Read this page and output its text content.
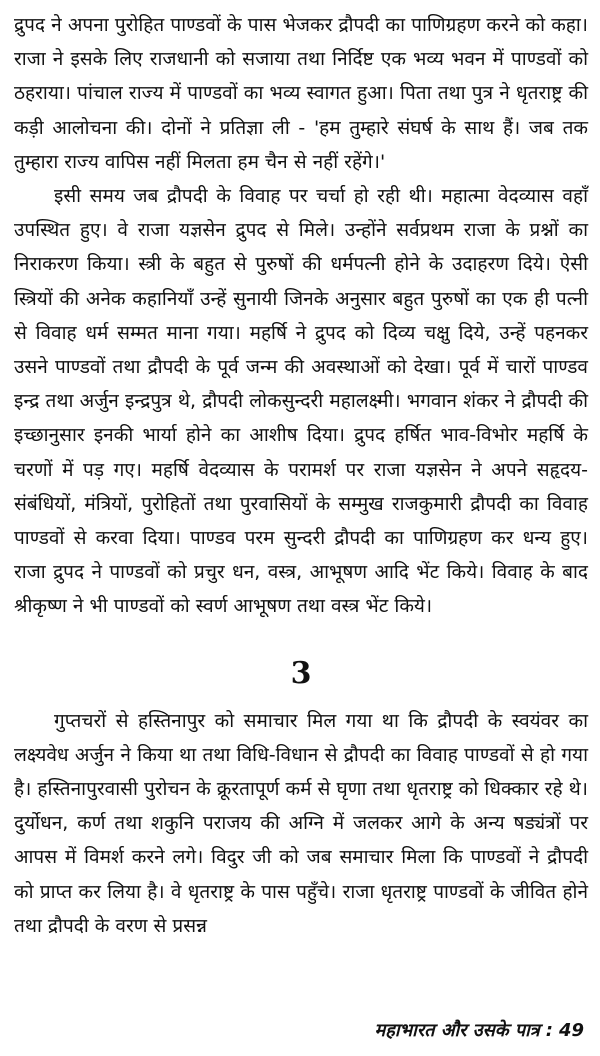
द्रुपद ने अपना पुरोहित पाण्डवों के पास भेजकर द्रौपदी का पाणिग्रहण करने को कहा। राजा ने इसके लिए राजधानी को सजाया तथा निर्दिष्ट एक भव्य भवन में पाण्डवों को ठहराया। पांचाल राज्य में पाण्डवों का भव्य स्वागत हुआ। पिता तथा पुत्र ने धृतराष्ट्र की कड़ी आलोचना की। दोनों ने प्रतिज्ञा ली - 'हम तुम्हारे संघर्ष के साथ हैं। जब तक तुम्हारा राज्य वापिस नहीं मिलता हम चैन से नहीं रहेंगे।'

इसी समय जब द्रौपदी के विवाह पर चर्चा हो रही थी। महात्मा वेदव्यास वहाँ उपस्थित हुए। वे राजा यज्ञसेन द्रुपद से मिले। उन्होंने सर्वप्रथम राजा के प्रश्नों का निराकरण किया। स्त्री के बहुत से पुरुषों की धर्मपत्नी होने के उदाहरण दिये। ऐसी स्त्रियों की अनेक कहानियाँ उन्हें सुनायी जिनके अनुसार बहुत पुरुषों का एक ही पत्नी से विवाह धर्म सम्मत माना गया। महर्षि ने द्रुपद को दिव्य चक्षु दिये, उन्हें पहनकर उसने पाण्डवों तथा द्रौपदी के पूर्व जन्म की अवस्थाओं को देखा। पूर्व में चारों पाण्डव इन्द्र तथा अर्जुन इन्द्रपुत्र थे, द्रौपदी लोकसुन्दरी महालक्ष्मी। भगवान शंकर ने द्रौपदी की इच्छानुसार इनकी भार्या होने का आशीष दिया। द्रुपद हर्षित भाव-विभोर महर्षि के चरणों में पड़ गए। महर्षि वेदव्यास के परामर्श पर राजा यज्ञसेन ने अपने सहृदय-संबंधियों, मंत्रियों, पुरोहितों तथा पुरवासियों के सम्मुख राजकुमारी द्रौपदी का विवाह पाण्डवों से करवा दिया। पाण्डव परम सुन्दरी द्रौपदी का पाणिग्रहण कर धन्य हुए। राजा द्रुपद ने पाण्डवों को प्रचुर धन, वस्त्र, आभूषण आदि भेंट किये। विवाह के बाद श्रीकृष्ण ने भी पाण्डवों को स्वर्ण आभूषण तथा वस्त्र भेंट किये।

3

गुप्तचरों से हस्तिनापुर को समाचार मिल गया था कि द्रौपदी के स्वयंवर का लक्ष्यवेध अर्जुन ने किया था तथा विधि-विधान से द्रौपदी का विवाह पाण्डवों से हो गया है। हस्तिनापुरवासी पुरोचन के क्रूरतापूर्ण कर्म से घृणा तथा धृतराष्ट्र को धिक्कार रहे थे। दुर्योधन, कर्ण तथा शकुनि पराजय की अग्नि में जलकर आगे के अन्य षड्यंत्रों पर आपस में विमर्श करने लगे। विदुर जी को जब समाचार मिला कि पाण्डवों ने द्रौपदी को प्राप्त कर लिया है। वे धृतराष्ट्र के पास पहुँचे। राजा धृतराष्ट्र पाण्डवों के जीवित होने तथा द्रौपदी के वरण से प्रसन्न

महाभारत और उसके पात्र : 49
